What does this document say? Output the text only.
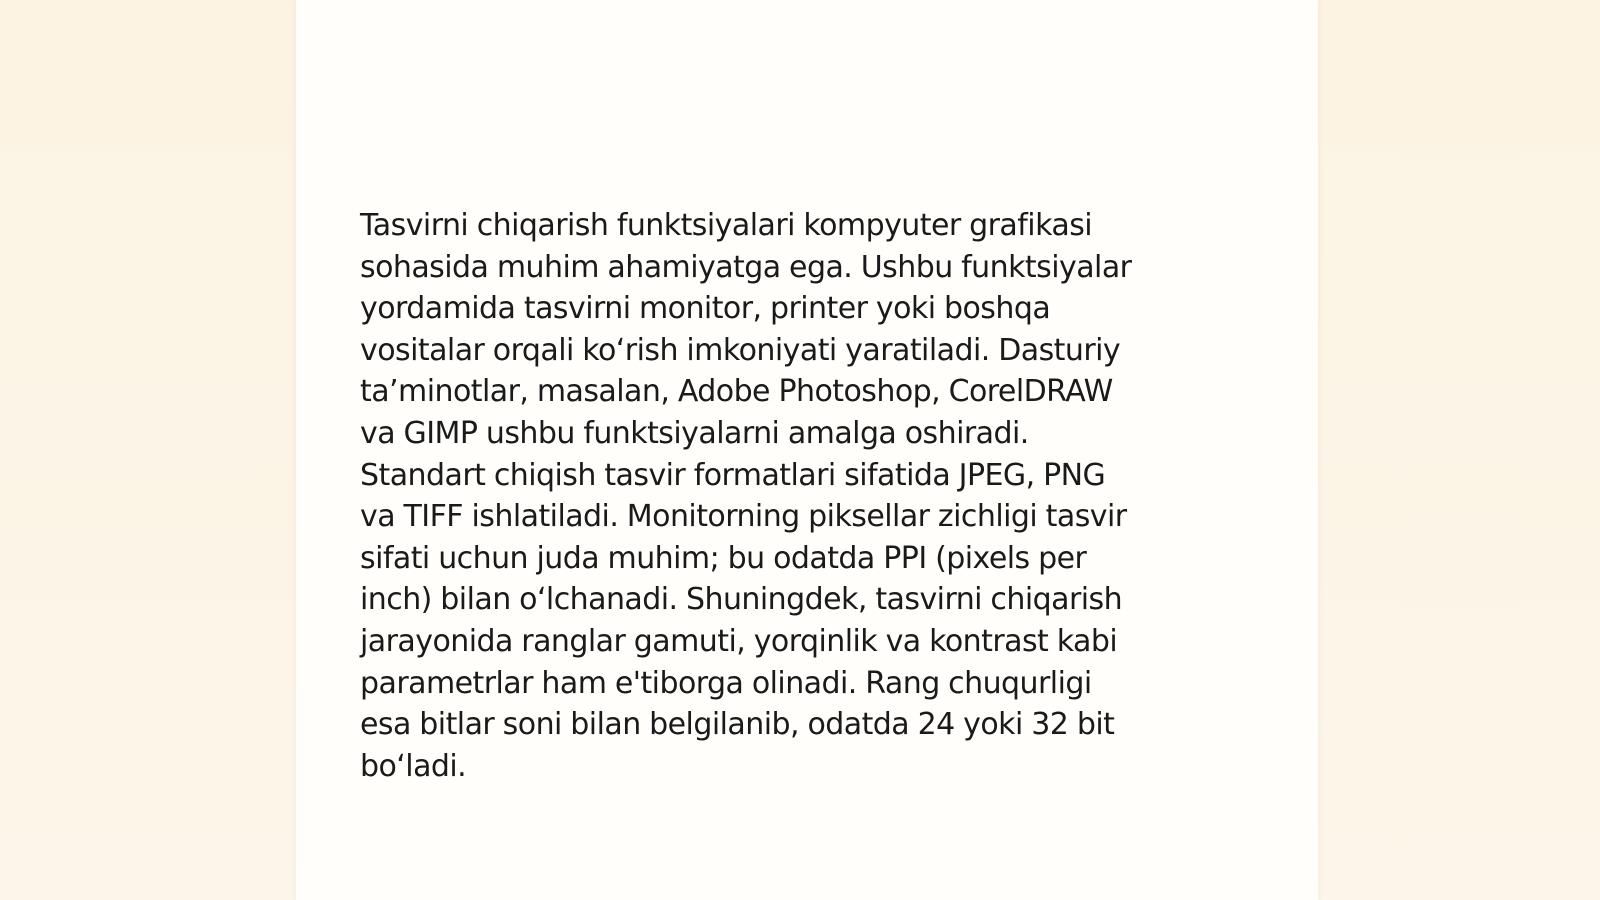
Tasvirni chiqarish funktsiyalari kompyuter grafikasi
sohasida muhim ahamiyatga ega. Ushbu funktsiyalar
yordamida tasvirni monitor, printer yoki boshqa
vositalar orqali ko‘rish imkoniyati yaratiladi. Dasturiy
ta’minotlar, masalan, Adobe Photoshop, CorelDRAW
va GIMP ushbu funktsiyalarni amalga oshiradi.
Standart chiqish tasvir formatlari sifatida JPEG, PNG
va TIFF ishlatiladi. Monitorning piksellar zichligi tasvir
sifati uchun juda muhim; bu odatda PPI (pixels per
inch) bilan o‘lchanadi. Shuningdek, tasvirni chiqarish
jarayonida ranglar gamuti, yorqinlik va kontrast kabi
parametrlar ham e'tiborga olinadi. Rang chuqurligi
esa bitlar soni bilan belgilanib, odatda 24 yoki 32 bit
bo‘ladi.
